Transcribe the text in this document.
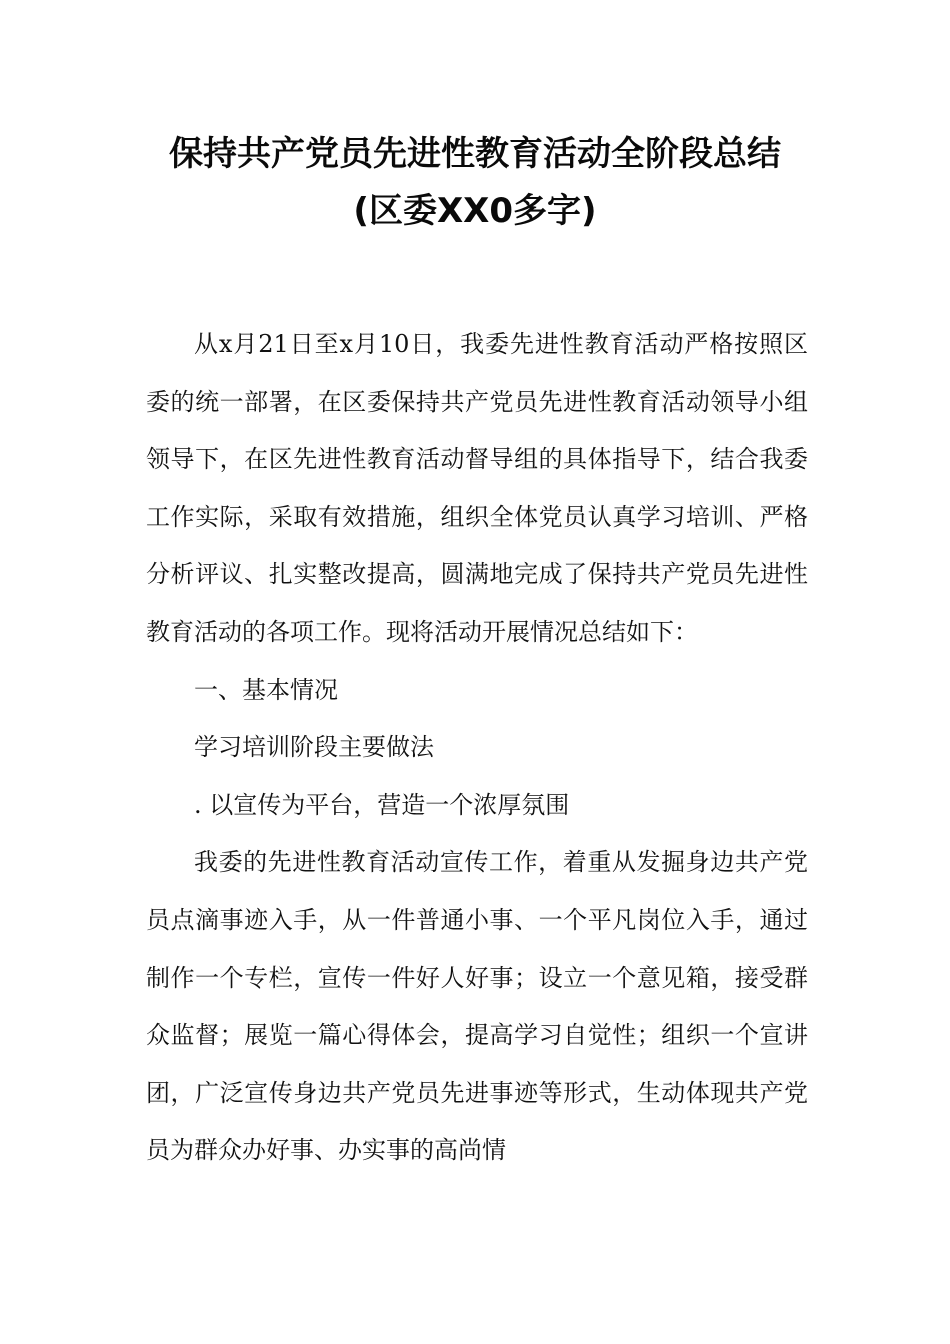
保持共产党员先进性教育活动全阶段总结
(区委XX0多字)

从x月21日至x月10日，我委先进性教育活动严格按照区委的统一部署，在区委保持共产党员先进性教育活动领导小组领导下，在区先进性教育活动督导组的具体指导下，结合我委工作实际，采取有效措施，组织全体党员认真学习培训、严格分析评议、扎实整改提高，圆满地完成了保持共产党员先进性教育活动的各项工作。现将活动开展情况总结如下：

一、基本情况

学习培训阶段主要做法

. 以宣传为平台，营造一个浓厚氛围

我委的先进性教育活动宣传工作，着重从发掘身边共产党员点滴事迹入手，从一件普通小事、一个平凡岗位入手，通过制作一个专栏，宣传一件好人好事；设立一个意见箱，接受群众监督；展览一篇心得体会，提高学习自觉性；组织一个宣讲团，广泛宣传身边共产党员先进事迹等形式，生动体现共产党员为群众办好事、办实事的高尚情
